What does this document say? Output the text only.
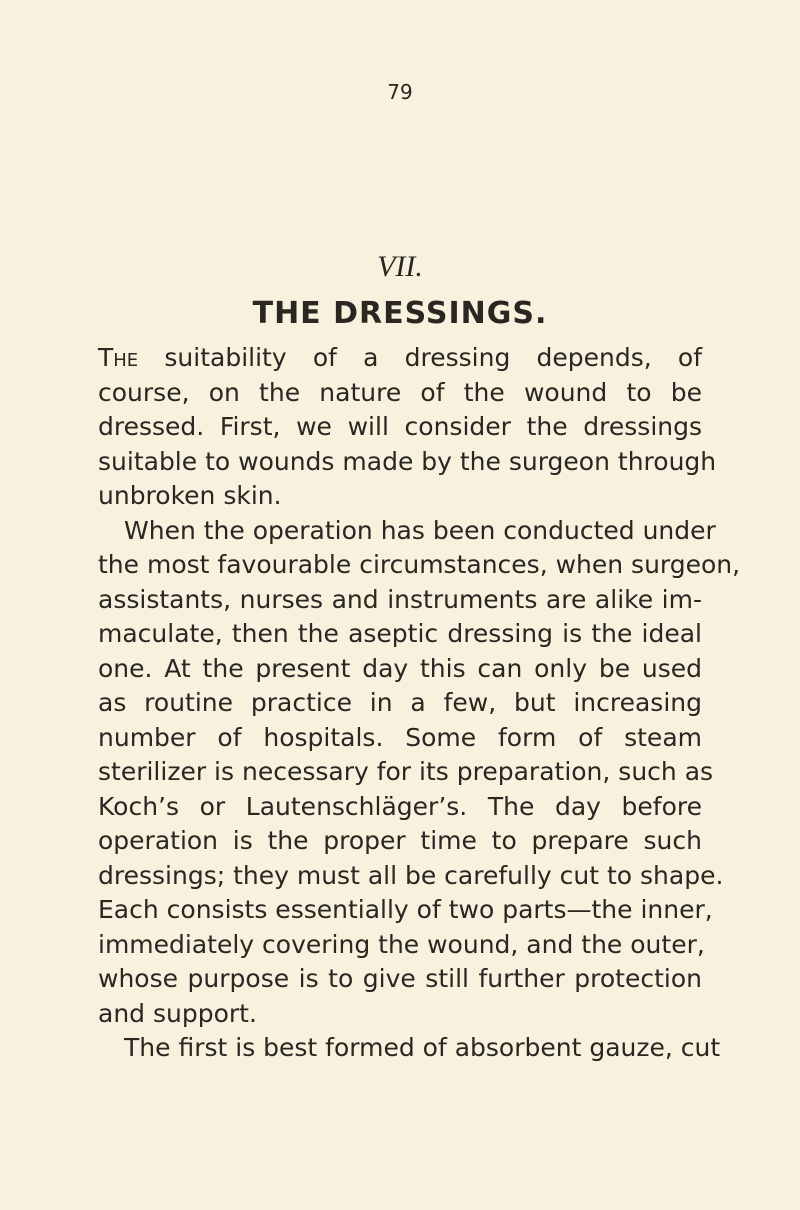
79
VII.
THE DRESSINGS.
The suitability of a dressing depends, of
course, on the nature of the wound to be
dressed. First, we will consider the dressings
suitable to wounds made by the surgeon through
unbroken skin.
When the operation has been conducted under
the most favourable circumstances, when surgeon,
assistants, nurses and instruments are alike im-
maculate, then the aseptic dressing is the ideal
one. At the present day this can only be used
as routine practice in a few, but increasing
number of hospitals. Some form of steam
sterilizer is necessary for its preparation, such as
Koch’s or Lautenschläger’s. The day before
operation is the proper time to prepare such
dressings; they must all be carefully cut to shape.
Each consists essentially of two parts—the inner,
immediately covering the wound, and the outer,
whose purpose is to give still further protection
and support.
The first is best formed of absorbent gauze, cut
